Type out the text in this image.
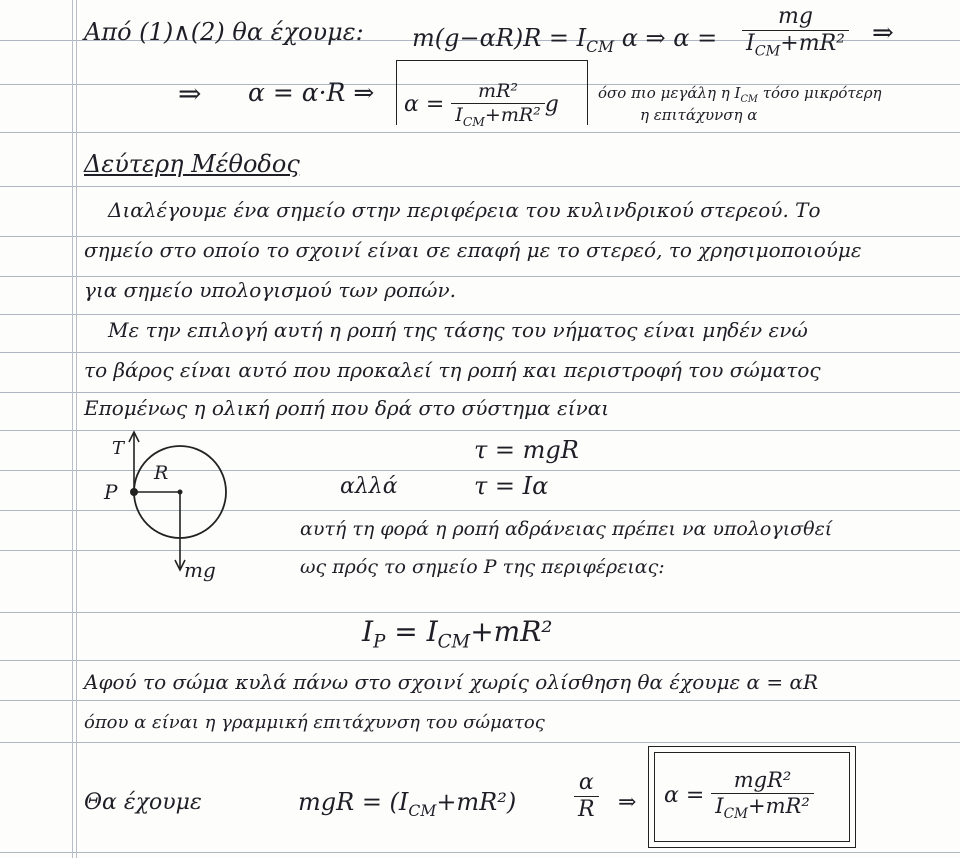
Από (1)∧(2) θα έχουμε: $m(g-\alpha R)R = I_{CM}$ α ⇒ $\alpha = \frac{mg}{I_{CM}+mR^2}$ ⇒
⇒ α = α·R ⇒ $\alpha = \frac{\text{mR²}}{I_{CM}+mR^2}$ g	όσο πιο μεγάλη η $I_{CM}$ τόσο μικρότερη
η επιτάχυνση α
Δεύτερη Μέθοδος
Διαλέγουμε ένα σημείο στην περιφέρεια του κυλινδρικού στερεού. Το
σημείο στο οποίο το σχοινί είναι σε επαφή με το στερεό, το χρησιμοποιούμε
για σημείο υπολογισμού των ροπών.
Με την επιλογή αυτή η ροπή της τάσης του νήματος είναι μηδέν ενώ
το βάρος είναι αυτό που προκαλεί τη ροπή και περιστροφή του σώματος
Επομένως η ολική ροπή που δρά στο σύστημα είναι
T
P
R
mg
τ = mgR
αλλά	τ = Iα
αυτή τη φορά η ροπή αδράνειας πρέπει να υπολογισθεί
ως πρός το σημείο P της περιφέρειας:
$I_P = I_{CM}+mR^2$
Αφού το σώμα κυλά πάνω στο σχοινί χωρίς ολίσθηση θα έχουμε α = αR
όπου α είναι η γραμμική επιτάχυνση του σώματος
Θα έχουμε	mgR = $(I_{CM}+mR^2)$	$\frac{\alpha}{R}$ ⇒ $\alpha = \frac{\text{mgR²}}{I_{CM}+mR^2}$
